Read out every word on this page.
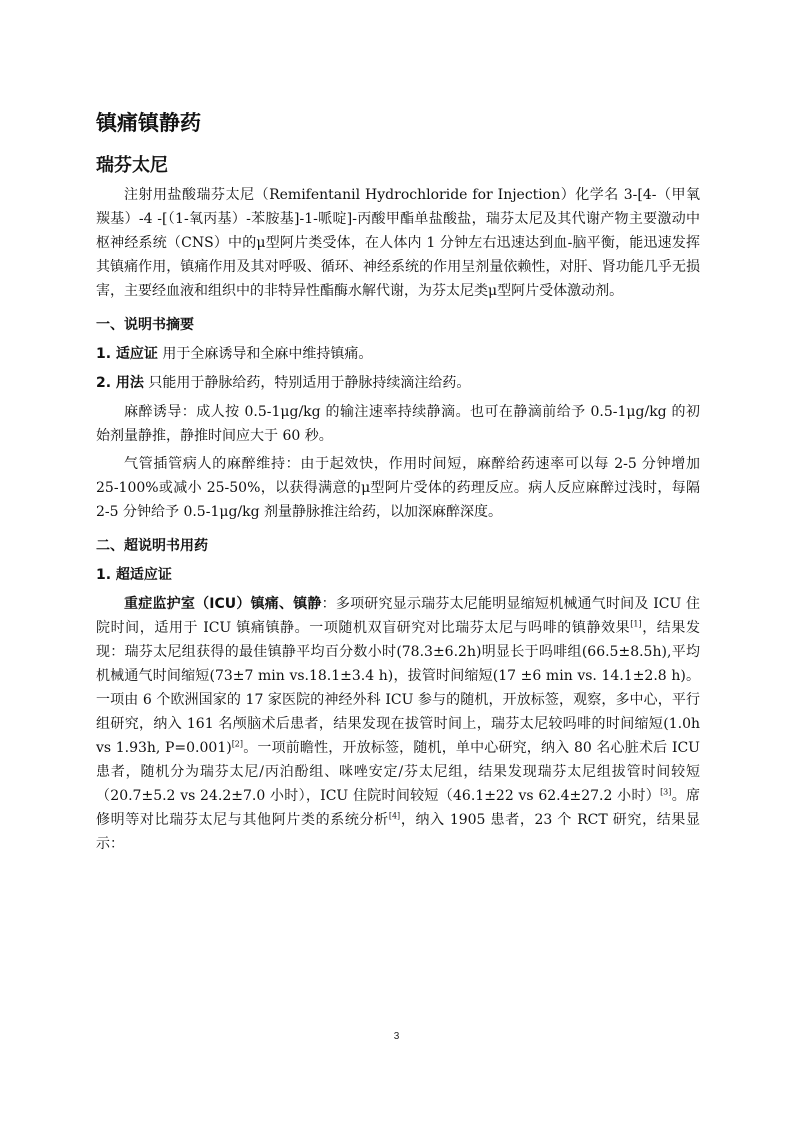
镇痛镇静药
瑞芬太尼

注射用盐酸瑞芬太尼（Remifentanil Hydrochloride for Injection）化学名 3-[4-（甲氧羰基）-4 -[（1-氧丙基）-苯胺基]-1-哌啶]-丙酸甲酯单盐酸盐，瑞芬太尼及其代谢产物主要激动中枢神经系统（CNS）中的μ型阿片类受体，在人体内 1 分钟左右迅速达到血-脑平衡，能迅速发挥其镇痛作用，镇痛作用及其对呼吸、循环、神经系统的作用呈剂量依赖性，对肝、肾功能几乎无损害，主要经血液和组织中的非特异性酯酶水解代谢，为芬太尼类μ型阿片受体激动剂。

一、说明书摘要
1. 适应证 用于全麻诱导和全麻中维持镇痛。
2. 用法 只能用于静脉给药，特别适用于静脉持续滴注给药。

麻醉诱导：成人按 0.5-1μg/kg 的输注速率持续静滴。也可在静滴前给予 0.5-1μg/kg 的初始剂量静推，静推时间应大于 60 秒。

气管插管病人的麻醉维持：由于起效快，作用时间短，麻醉给药速率可以每 2-5 分钟增加 25-100%或减小 25-50%，以获得满意的μ型阿片受体的药理反应。病人反应麻醉过浅时，每隔 2-5 分钟给予 0.5-1μg/kg 剂量静脉推注给药，以加深麻醉深度。

二、超说明书用药
1. 超适应证

重症监护室（ICU）镇痛、镇静：多项研究显示瑞芬太尼能明显缩短机械通气时间及 ICU 住院时间，适用于 ICU 镇痛镇静。一项随机双盲研究对比瑞芬太尼与吗啡的镇静效果[1]，结果发现：瑞芬太尼组获得的最佳镇静平均百分数小时(78.3±6.2h)明显长于吗啡组(66.5±8.5h),平均机械通气时间缩短(73±7 min vs.18.1±3.4 h)，拔管时间缩短(17 ±6 min vs. 14.1±2.8 h)。一项由 6 个欧洲国家的 17 家医院的神经外科 ICU 参与的随机，开放标签，观察，多中心，平行组研究，纳入 161 名颅脑术后患者，结果发现在拔管时间上，瑞芬太尼较吗啡的时间缩短(1.0h vs 1.93h, P=0.001)[2]。一项前瞻性，开放标签，随机，单中心研究，纳入 80 名心脏术后 ICU 患者，随机分为瑞芬太尼/丙泊酚组、咪唑安定/芬太尼组，结果发现瑞芬太尼组拔管时间较短（20.7±5.2 vs 24.2±7.0 小时），ICU 住院时间较短（46.1±22 vs 62.4±27.2 小时）[3]。席修明等对比瑞芬太尼与其他阿片类的系统分析[4]，纳入 1905 患者，23 个 RCT 研究，结果显示：

3
